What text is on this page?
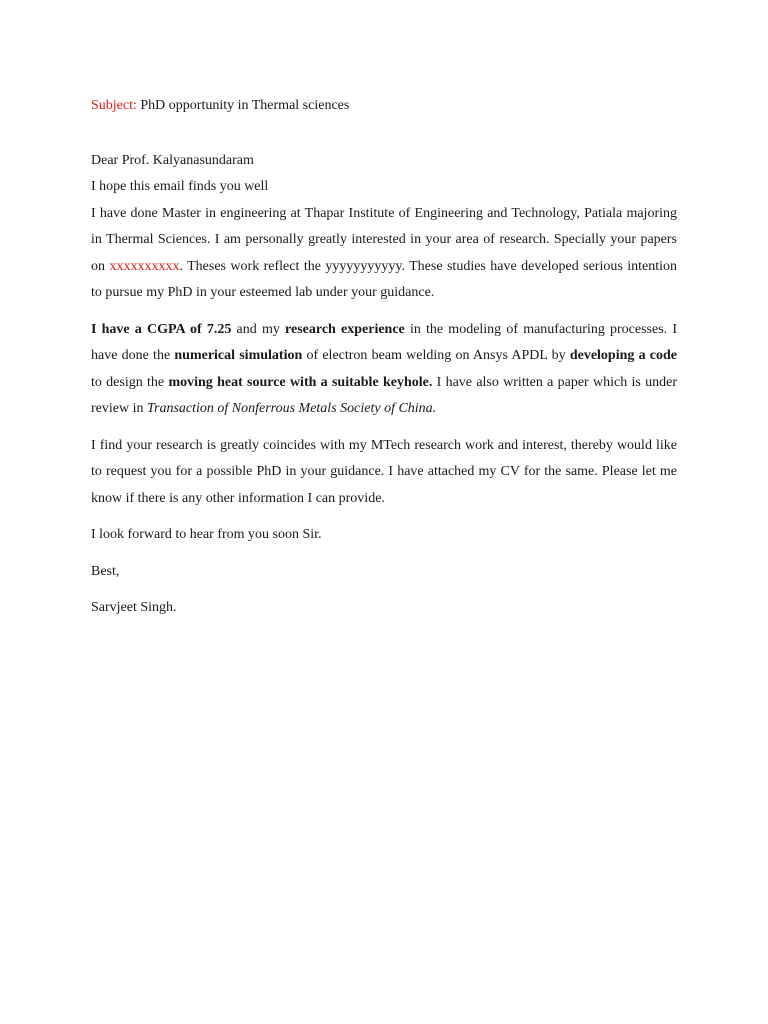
Subject: PhD opportunity in Thermal sciences

Dear Prof. Kalyanasundaram

I hope this email finds you well

I have done Master in engineering at Thapar Institute of Engineering and Technology, Patiala majoring in Thermal Sciences. I am personally greatly interested in your area of research. Specially your papers on xxxxxxxxxx. Theses work reflect the yyyyyyyyyyy. These studies have developed serious intention to pursue my PhD in your esteemed lab under your guidance.

I have a CGPA of 7.25 and my research experience in the modeling of manufacturing processes. I have done the numerical simulation of electron beam welding on Ansys APDL by developing a code to design the moving heat source with a suitable keyhole. I have also written a paper which is under review in Transaction of Nonferrous Metals Society of China.

I find your research is greatly coincides with my MTech research work and interest, thereby would like to request you for a possible PhD in your guidance. I have attached my CV for the same. Please let me know if there is any other information I can provide.

I look forward to hear from you soon Sir.

Best,

Sarvjeet Singh.
